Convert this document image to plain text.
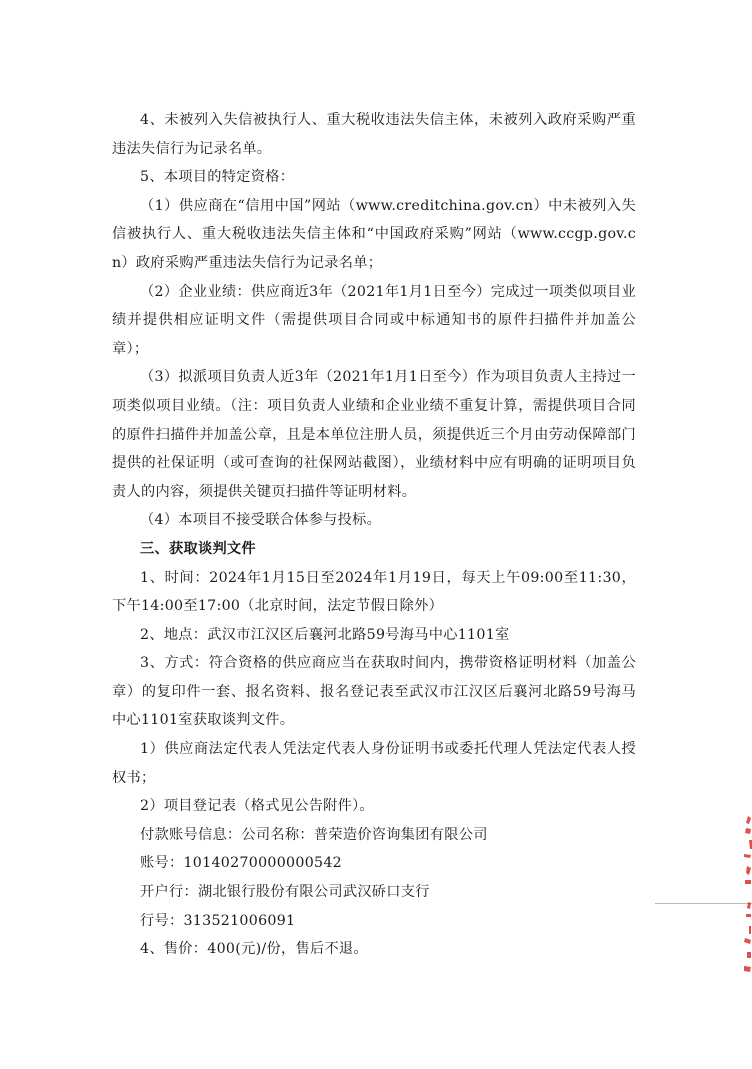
4、未被列入失信被执行人、重大税收违法失信主体，未被列入政府采购严重违法失信行为记录名单。

5、本项目的特定资格：

（1）供应商在“信用中国”网站（www.creditchina.gov.cn）中未被列入失信被执行人、重大税收违法失信主体和“中国政府采购”网站（www.ccgp.gov.cn）政府采购严重违法失信行为记录名单；

（2）企业业绩：供应商近3年（2021年1月1日至今）完成过一项类似项目业绩并提供相应证明文件（需提供项目合同或中标通知书的原件扫描件并加盖公章）；

（3）拟派项目负责人近3年（2021年1月1日至今）作为项目负责人主持过一项类似项目业绩。（注：项目负责人业绩和企业业绩不重复计算，需提供项目合同的原件扫描件并加盖公章，且是本单位注册人员，须提供近三个月由劳动保障部门提供的社保证明（或可查询的社保网站截图），业绩材料中应有明确的证明项目负责人的内容，须提供关键页扫描件等证明材料。

（4）本项目不接受联合体参与投标。

三、获取谈判文件

1、时间：2024年1月15日至2024年1月19日，每天上午09:00至11:30，下午14:00至17:00（北京时间，法定节假日除外）

2、地点：武汉市江汉区后襄河北路59号海马中心1101室

3、方式：符合资格的供应商应当在获取时间内，携带资格证明材料（加盖公章）的复印件一套、报名资料、报名登记表至武汉市江汉区后襄河北路59号海马中心1101室获取谈判文件。

1）供应商法定代表人凭法定代表人身份证明书或委托代理人凭法定代表人授权书；

2）项目登记表（格式见公告附件）。

付款账号信息：公司名称：普荣造价咨询集团有限公司

账号：10140270000000542

开户行：湖北银行股份有限公司武汉硚口支行

行号：313521006091

4、售价：400(元)/份，售后不退。
